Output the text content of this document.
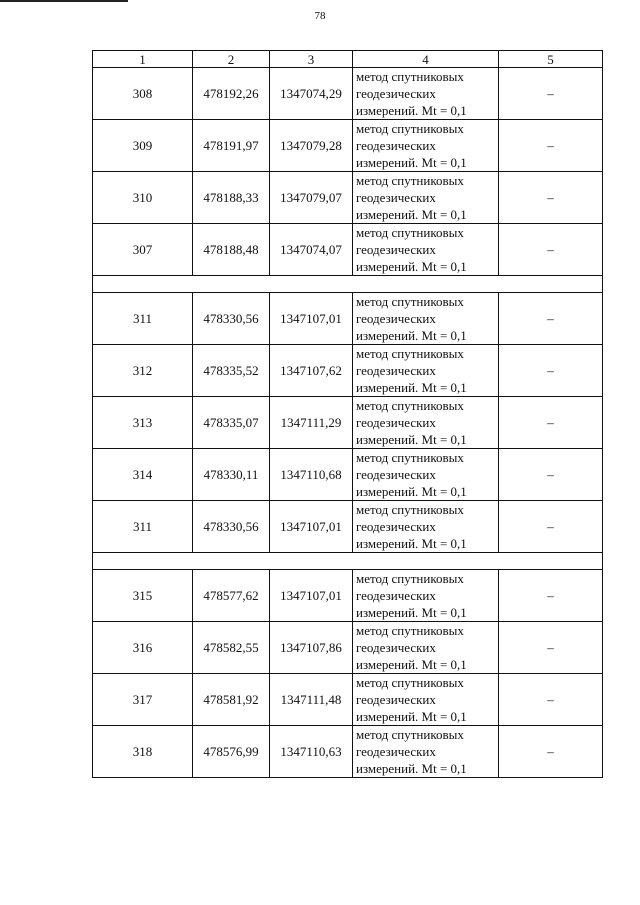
78
1	2	3	4	5
308	478192,26	1347074,29	метод спутниковых
геодезических
измерений. Mt = 0,1	–
309	478191,97	1347079,28	метод спутниковых
геодезических
измерений. Mt = 0,1	–
310	478188,33	1347079,07	метод спутниковых
геодезических
измерений. Mt = 0,1	–
307	478188,48	1347074,07	метод спутниковых
геодезических
измерений. Mt = 0,1	–

311	478330,56	1347107,01	метод спутниковых
геодезических
измерений. Mt = 0,1	–
312	478335,52	1347107,62	метод спутниковых
геодезических
измерений. Mt = 0,1	–
313	478335,07	1347111,29	метод спутниковых
геодезических
измерений. Mt = 0,1	–
314	478330,11	1347110,68	метод спутниковых
геодезических
измерений. Mt = 0,1	–
311	478330,56	1347107,01	метод спутниковых
геодезических
измерений. Mt = 0,1	–

315	478577,62	1347107,01	метод спутниковых
геодезических
измерений. Mt = 0,1	–
316	478582,55	1347107,86	метод спутниковых
геодезических
измерений. Mt = 0,1	–
317	478581,92	1347111,48	метод спутниковых
геодезических
измерений. Mt = 0,1	–
318	478576,99	1347110,63	метод спутниковых
геодезических
измерений. Mt = 0,1	–
